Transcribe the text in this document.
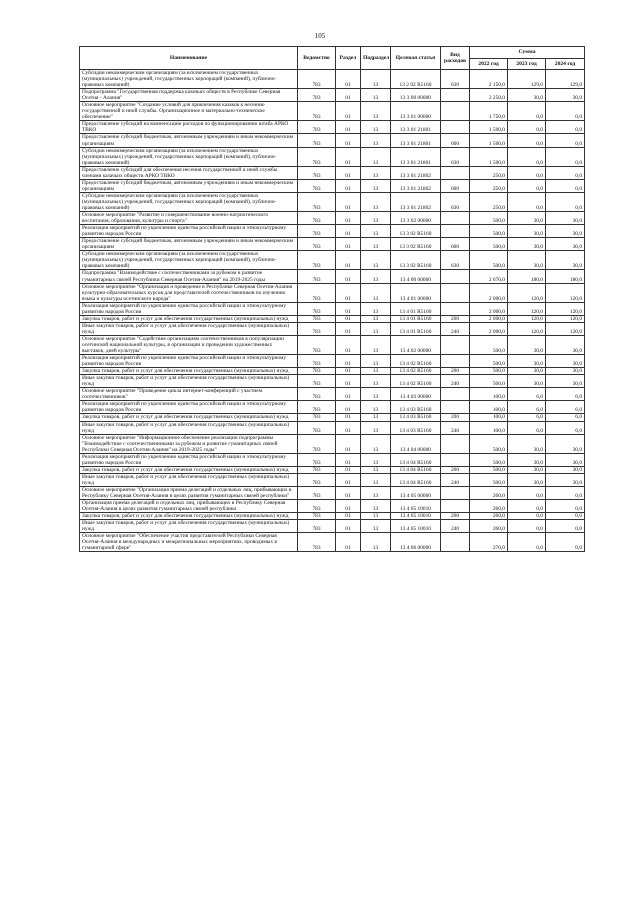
105
Наименование	Ведомство	Раздел	Подраздел	Целевая статья	Вид расходов	Сумма		
						2022 год	2023 год	2024 год
Субсидии некоммерческим организациям (за исключением государственных (муниципальных) учреждений, государственных корпораций (компаний), публично-правовых компаний)	783	01	13	13 2 02 R5160	630	2 150,0	129,0	129,0
Подпрограмма "Государственная поддержка казачьих обществ в Республике Северная Осетия - Алания"	783	01	13	13 3 00 00000		2 250,0	30,0	30,0
Основное мероприятие "Создание условий для привлечения казаков к несению государственной и иной службы. Организационное и материально-техническое обеспечение"	783	01	13	13 3 01 00000		1 750,0	0,0	0,0
Предоставление субсидий на компенсацию расходов по функционированию штаба АРКО ТВКО	783	01	13	13 3 01 21801		1 500,0	0,0	0,0
Предоставление субсидий бюджетным, автономным учреждениям и иным некоммерческим организациям	783	01	13	13 3 01 21801	600	1 500,0	0,0	0,0
Субсидии некоммерческим организациям (за исключением государственных (муниципальных) учреждений, государственных корпораций (компаний), публично-правовых компаний)	783	01	13	13 3 01 21801	630	1 500,0	0,0	0,0
Предоставление субсидий для обеспечения несения государственной и иной службы членами казачьих обществ АРКО ТВКО	783	01	13	13 3 01 21802		250,0	0,0	0,0
Предоставление субсидий бюджетным, автономным учреждениям и иным некоммерческим организациям	783	01	13	13 3 01 21802	600	250,0	0,0	0,0
Субсидии некоммерческим организациям (за исключением государственных (муниципальных) учреждений, государственных корпораций (компаний), публично-правовых компаний)	783	01	13	13 3 01 21802	630	250,0	0,0	0,0
Основное мероприятие "Развитие и совершенствование военно-патриотического воспитания, образования, культуры и спорта"	783	01	13	13 3 02 00000		500,0	30,0	30,0
Реализация мероприятий по укреплению единства российской нации и этнокультурному развитию народов России	783	01	13	13 3 02 R5160		500,0	30,0	30,0
Предоставление субсидий бюджетным, автономным учреждениям и иным некоммерческим организациям	783	01	13	13 3 02 R5160	600	500,0	30,0	30,0
Субсидии некоммерческим организациям (за исключением государственных (муниципальных) учреждений, государственных корпораций (компаний), публично-правовых компаний)	783	01	13	13 3 02 R5160	630	500,0	30,0	30,0
Подпрограмма "Взаимодействие с соотечественниками за рубежом и развитие гуманитарных связей Республики Северная Осетия-Алания" на 2019-2025 годы	783	01	13	13 4 00 00000		2 670,0	180,0	180,0
Основное мероприятие "Организация и проведение в Республике Северная Осетия-Алания культурно-образовательных курсов для представителей соотечественников по изучению языка и культуры осетинского народа"	783	01	13	13 4 01 00000		2 000,0	120,0	120,0
Реализация мероприятий по укреплению единства российской нации и этнокультурному развитию народов России	783	01	13	13 4 01 R5160		2 000,0	120,0	120,0
Закупка товаров, работ и услуг для обеспечения государственных (муниципальных) нужд	783	01	13	13 4 01 R5160	200	2 000,0	120,0	120,0
Иные закупки товаров, работ и услуг для обеспечения государственных (муниципальных) нужд	783	01	13	13 4 01 R5160	240	2 000,0	120,0	120,0
Основное мероприятие "Содействие организациям соотечественников в популяризации осетинской национальной культуры, в организации и проведении художественных выставок, дней культуры"	783	01	13	13 4 02 00000		500,0	30,0	30,0
Реализация мероприятий по укреплению единства российской нации и этнокультурному развитию народов России	783	01	13	13 4 02 R5160		500,0	30,0	30,0
Закупка товаров, работ и услуг для обеспечения государственных (муниципальных) нужд	783	01	13	13 4 02 R5160	200	500,0	30,0	30,0
Иные закупки товаров, работ и услуг для обеспечения государственных (муниципальных) нужд	783	01	13	13 4 02 R5160	240	500,0	30,0	30,0
Основное мероприятие "Проведение цикла интернет-конференций с участием соотечественников"	783	01	13	13 4 03 00000		100,0	6,0	6,0
Реализация мероприятий по укреплению единства российской нации и этнокультурному развитию народов России	783	01	13	13 4 03 R5160		100,0	6,0	6,0
Закупка товаров, работ и услуг для обеспечения государственных (муниципальных) нужд	783	01	13	13 4 03 R5160	200	100,0	6,0	6,0
Иные закупки товаров, работ и услуг для обеспечения государственных (муниципальных) нужд	783	01	13	13 4 03 R5160	240	100,0	6,0	6,0
Основное мероприятие "Информационное обеспечение реализации подпрограммы "Взаимодействие с соотечественниками за рубежом и развитие гуманитарных связей Республики Северная Осетия-Алания" на 2019-2025 годы"	783	01	13	13 4 04 00000		500,0	30,0	30,0
Реализация мероприятий по укреплению единства российской нации и этнокультурному развитию народов России	783	01	13	13 4 04 R5160		500,0	30,0	30,0
Закупка товаров, работ и услуг для обеспечения государственных (муниципальных) нужд	783	01	13	13 4 04 R5160	200	500,0	30,0	30,0
Иные закупки товаров, работ и услуг для обеспечения государственных (муниципальных) нужд	783	01	13	13 4 04 R5160	240	500,0	30,0	30,0
Основное мероприятие "Организация приема делегаций и отдельных лиц, прибывающих в Республику Северная Осетия-Алания в целях развития гуманитарных связей республики"	783	01	13	13 4 05 00000		260,0	0,0	0,0
Организация приема делегаций и отдельных лиц, прибывающих в Республику Северная Осетия-Алания в целях развития гуманитарных связей республики	783	01	13	13 4 05 10010		260,0	0,0	0,0
Закупка товаров, работ и услуг для обеспечения государственных (муниципальных) нужд	783	01	13	13 4 05 10010	200	260,0	0,0	0,0
Иные закупки товаров, работ и услуг для обеспечения государственных (муниципальных) нужд	783	01	13	13 4 05 10010	240	260,0	0,0	0,0
Основное мероприятие "Обеспечение участия представителей Республики Северная Осетия-Алания в международных и межрегиональных мероприятиях, проводимых в гуманитарной сфере"	783	01	13	13 4 06 00000		270,0	0,0	0,0
